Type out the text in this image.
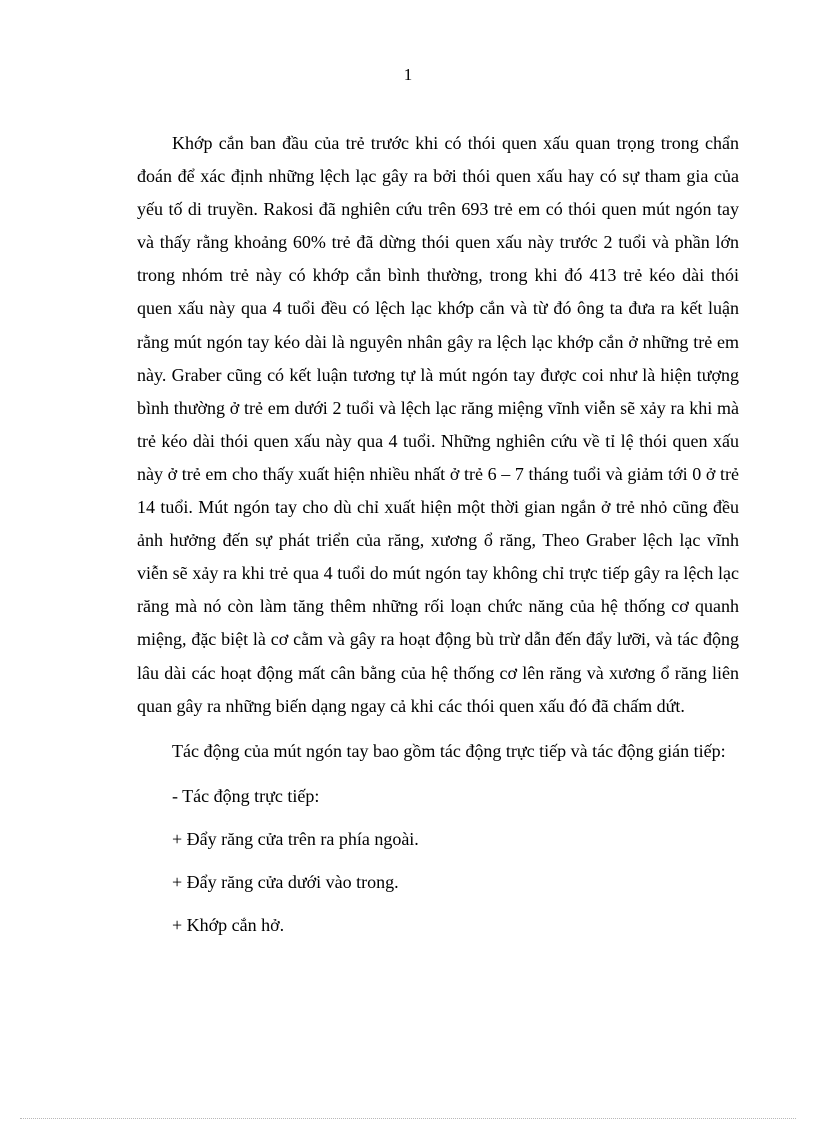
1

Khớp cắn ban đầu của trẻ trước khi có thói quen xấu quan trọng trong chẩn đoán để xác định những lệch lạc gây ra bởi thói quen xấu hay có sự tham gia của yếu tố di truyền. Rakosi đã nghiên cứu trên 693 trẻ em có thói quen mút ngón tay và thấy rằng khoảng 60% trẻ đã dừng thói quen xấu này trước 2 tuổi và phần lớn trong nhóm trẻ này có khớp cắn bình thường, trong khi đó 413 trẻ kéo dài thói quen xấu này qua 4 tuổi đều có lệch lạc khớp cắn và từ đó ông ta đưa ra kết luận rằng mút ngón tay kéo dài là nguyên nhân gây ra lệch lạc khớp cắn ở những trẻ em này. Graber cũng có kết luận tương tự là mút ngón tay được coi như là hiện tượng bình thường ở trẻ em dưới 2 tuổi và lệch lạc răng miệng vĩnh viễn sẽ xảy ra khi mà trẻ kéo dài thói quen xấu này qua 4 tuổi. Những nghiên cứu về tỉ lệ thói quen xấu này ở trẻ em cho thấy xuất hiện nhiều nhất ở trẻ 6 – 7 tháng tuổi và giảm tới 0 ở trẻ 14 tuổi. Mút ngón tay cho dù chỉ xuất hiện một thời gian ngắn ở trẻ nhỏ cũng đều ảnh hưởng đến sự phát triển của răng, xương ổ răng, Theo Graber lệch lạc vĩnh viễn sẽ xảy ra khi trẻ qua 4 tuổi do mút ngón tay không chỉ trực tiếp gây ra lệch lạc răng mà nó còn làm tăng thêm những rối loạn chức năng của hệ thống cơ quanh miệng, đặc biệt là cơ cằm và gây ra hoạt động bù trừ dẫn đến đẩy lưỡi, và tác động lâu dài các hoạt động mất cân bằng của hệ thống cơ lên răng và xương ổ răng liên quan gây ra những biến dạng ngay cả khi các thói quen xấu đó đã chấm dứt.

Tác động của mút ngón tay bao gồm tác động trực tiếp và tác động gián tiếp:

- Tác động trực tiếp:

+ Đẩy răng cửa trên ra phía ngoài.

+ Đẩy răng cửa dưới vào trong.

+ Khớp cắn hở.
